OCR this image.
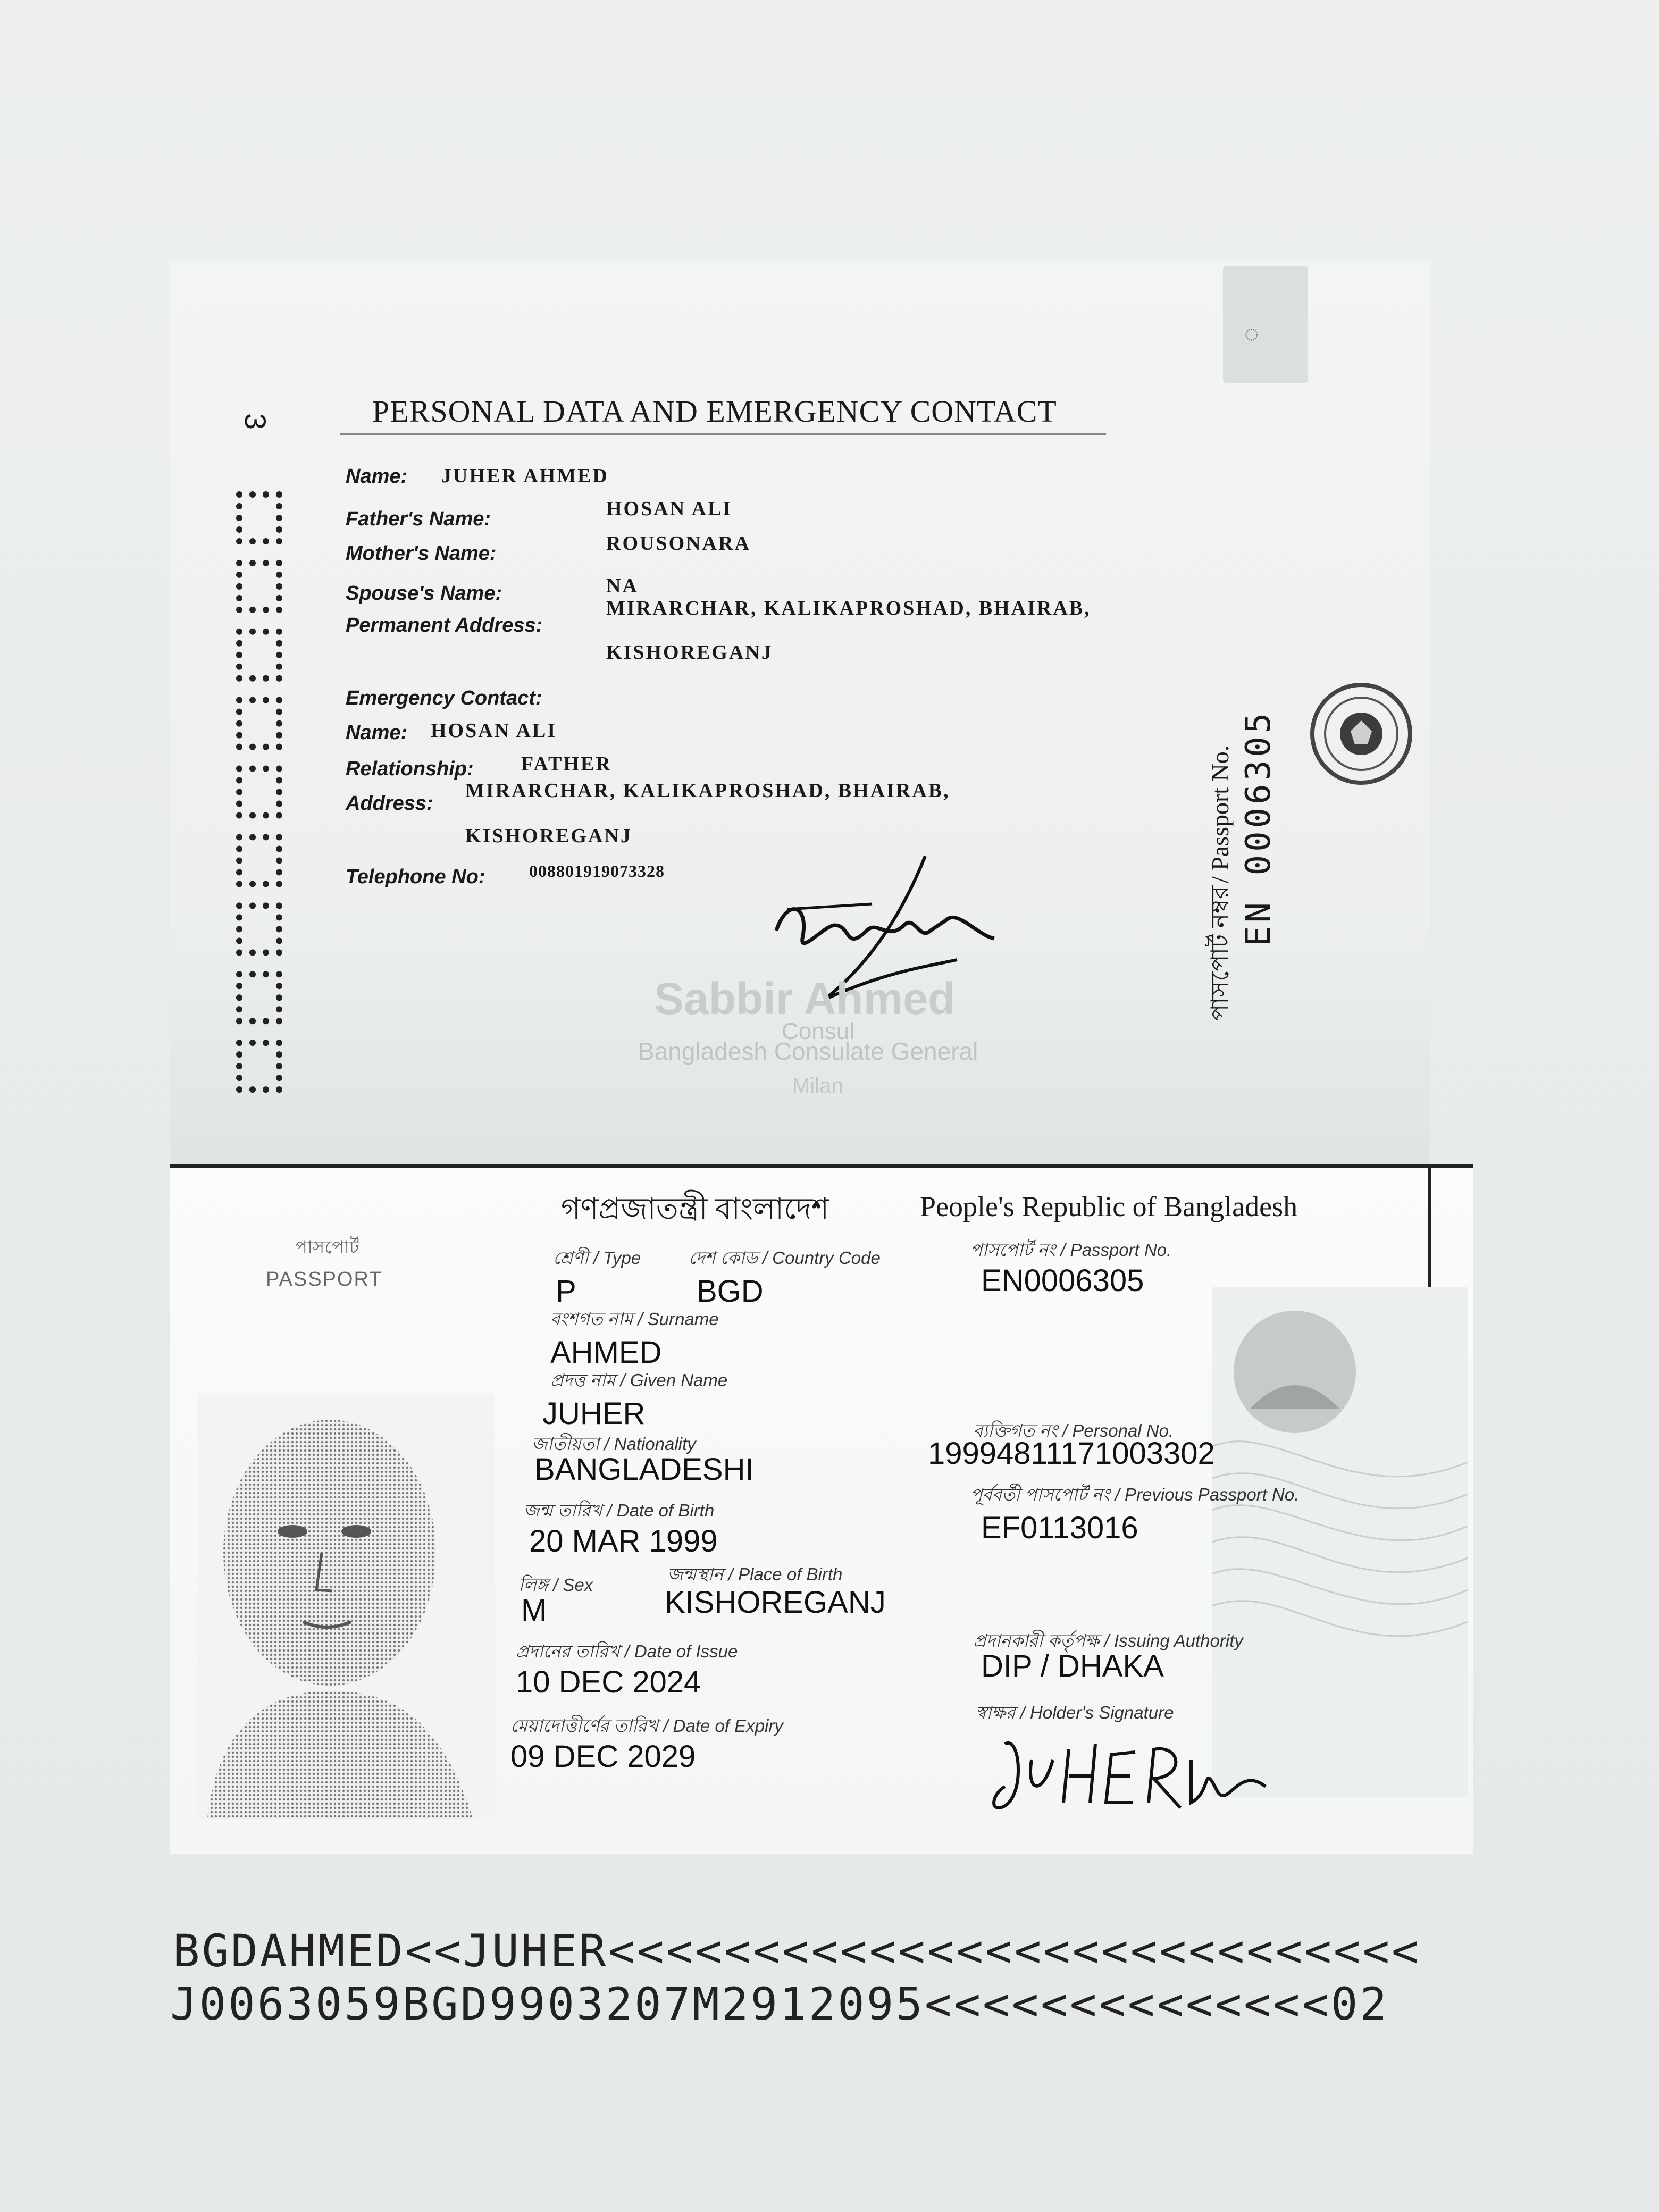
◌
3	PERSONAL DATA AND EMERGENCY CONTACT
Name: JUHER AHMED
Father's Name:	HOSAN ALI
Mother's Name:	ROUSONARA
Spouse's Name:	NA
Permanent Address:
MIRARCHAR, KALIKAPROSHAD, BHAIRAB,
KISHOREGANJ
Emergency Contact:
Name: HOSAN ALI
Relationship: FATHER
Address:
MIRARCHAR, KALIKAPROSHAD, BHAIRAB,
KISHOREGANJ
Telephone No:	008801919073328
Sabbir Ahmed
Consul
Bangladesh Consulate General
Milan
পাসপোর্ট নম্বর / Passport No. EN 0006305
গণপ্রজাতন্ত্রী বাংলাদেশ	People's Republic of Bangladesh
পাসপোর্ট
PASSPORT
শ্রেণী / Type
P
দেশ কোড / Country Code
BGD
পাসপোর্ট নং / Passport No.
EN0006305
বংশগত নাম / Surname
AHMED
প্রদত্ত নাম / Given Name
JUHER
জাতীয়তা / Nationality
BANGLADESHI
ব্যক্তিগত নং / Personal No.
19994811171003302
জন্ম তারিখ / Date of Birth
20 MAR 1999
পূর্ববর্তী পাসপোর্ট নং / Previous Passport No.
EF0113016
লিঙ্গ / Sex
M
জন্মস্থান / Place of Birth
KISHOREGANJ
প্রদানের তারিখ / Date of Issue
10 DEC 2024
প্রদানকারী কর্তৃপক্ষ / Issuing Authority
DIP / DHAKA
মেয়াদোত্তীর্ণের তারিখ / Date of Expiry
09 DEC 2029
স্বাক্ষর / Holder's Signature
BGDAHMED<<JUHER<<<<<<<<<<<<<<<<<<<<<<<<<<<<
J0063059BGD9903207M2912095<<<<<<<<<<<<<<02
